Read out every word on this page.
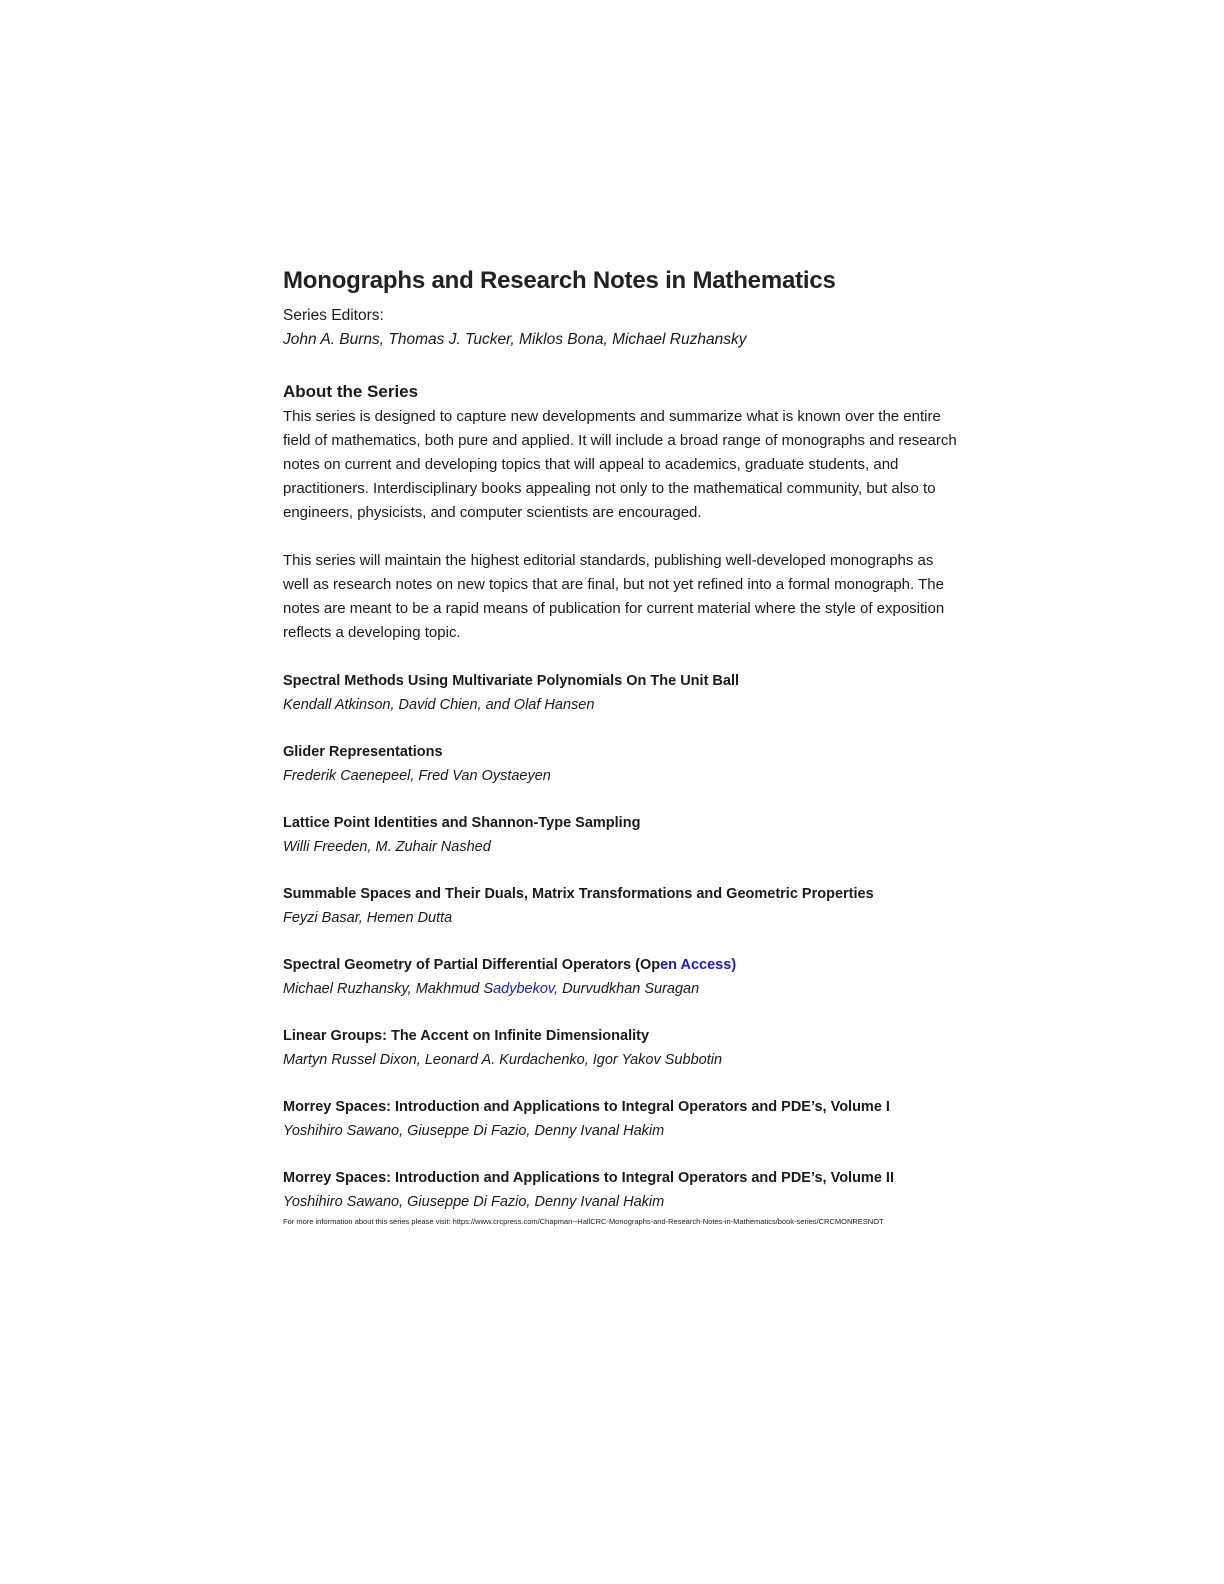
Monographs and Research Notes in Mathematics
Series Editors:
John A. Burns, Thomas J. Tucker, Miklos Bona, Michael Ruzhansky
About the Series

This series is designed to capture new developments and summarize what is known over the entire field of mathematics, both pure and applied. It will include a broad range of monographs and research notes on current and developing topics that will appeal to academics, graduate students, and practitioners. Interdisciplinary books appealing not only to the mathematical community, but also to engineers, physicists, and computer scientists are encouraged.

This series will maintain the highest editorial standards, publishing well-developed monographs as well as research notes on new topics that are final, but not yet refined into a formal monograph. The notes are meant to be a rapid means of publication for current material where the style of exposition reflects a developing topic.

Spectral Methods Using Multivariate Polynomials On The Unit Ball
Kendall Atkinson, David Chien, and Olaf Hansen
Glider Representations
Frederik Caenepeel, Fred Van Oystaeyen
Lattice Point Identities and Shannon-Type Sampling
Willi Freeden, M. Zuhair Nashed
Summable Spaces and Their Duals, Matrix Transformations and Geometric Properties
Feyzi Basar, Hemen Dutta
Spectral Geometry of Partial Differential Operators (Open Access)
Michael Ruzhansky, Makhmud Sadybekov, Durvudkhan Suragan
Linear Groups: The Accent on Infinite Dimensionality
Martyn Russel Dixon, Leonard A. Kurdachenko, Igor Yakov Subbotin
Morrey Spaces: Introduction and Applications to Integral Operators and PDE’s, Volume I
Yoshihiro Sawano, Giuseppe Di Fazio, Denny Ivanal Hakim
Morrey Spaces: Introduction and Applications to Integral Operators and PDE’s, Volume II
Yoshihiro Sawano, Giuseppe Di Fazio, Denny Ivanal Hakim
For more information about this series please visit: https://www.crcpress.com/Chapman--HallCRC-Monographs-and-Research-Notes-in-Mathematics/book-series/CRCMONRESNOT
